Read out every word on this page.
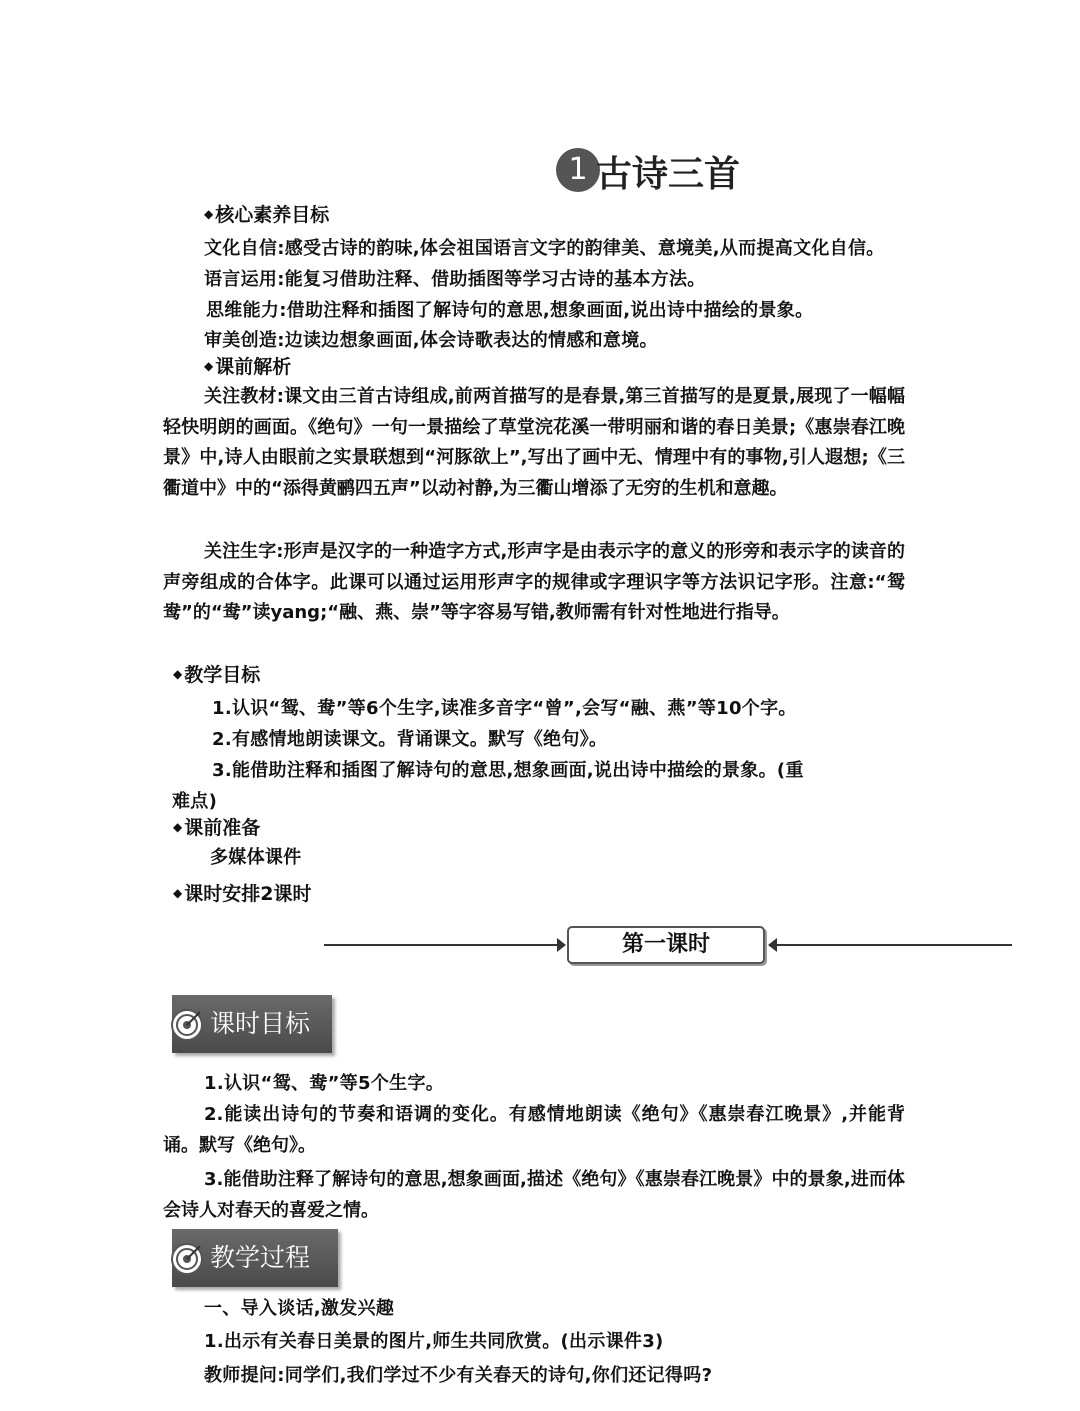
1 古诗三首
◆ 核心素养目标
文化自信:感受古诗的韵味,体会祖国语言文字的韵律美、意境美,从而提高文化自信。
语言运用:能复习借助注释、借助插图等学习古诗的基本方法。
思维能力:借助注释和插图了解诗句的意思,想象画面,说出诗中描绘的景象。
审美创造:边读边想象画面,体会诗歌表达的情感和意境。
◆ 课前解析
关注教材:课文由三首古诗组成,前两首描写的是春景,第三首描写的是夏景,展现了一幅幅轻快明朗的画面。《绝句》一句一景描绘了草堂浣花溪一带明丽和谐的春日美景;《惠崇春江晚景》中,诗人由眼前之实景联想到“河豚欲上”,写出了画中无、情理中有的事物,引人遐想;《三衢道中》中的“添得黄鹂四五声”以动衬静,为三衢山增添了无穷的生机和意趣。
关注生字:形声是汉字的一种造字方式,形声字是由表示字的意义的形旁和表示字的读音的声旁组成的合体字。此课可以通过运用形声字的规律或字理识字等方法识记字形。注意:“鸳鸯”的“鸯”读yang;“融、燕、崇”等字容易写错,教师需有针对性地进行指导。
◆ 教学目标
1.认识“鸳、鸯”等6个生字,读准多音字“曾”,会写“融、燕”等10个字。
2.有感情地朗读课文。背诵课文。默写《绝句》。
3.能借助注释和插图了解诗句的意思,想象画面,说出诗中描绘的景象。(重
难点)
◆ 课前准备
多媒体课件
◆ 课时安排2课时
第一课时
课时目标
1.认识“鸳、鸯”等5个生字。
2.能读出诗句的节奏和语调的变化。有感情地朗读《绝句》《惠崇春江晚景》,并能背诵。默写《绝句》。
3.能借助注释了解诗句的意思,想象画面,描述《绝句》《惠崇春江晚景》中的景象,进而体会诗人对春天的喜爱之情。
教学过程
一、导入谈话,激发兴趣
1.出示有关春日美景的图片,师生共同欣赏。(出示课件3)
教师提问:同学们,我们学过不少有关春天的诗句,你们还记得吗?
